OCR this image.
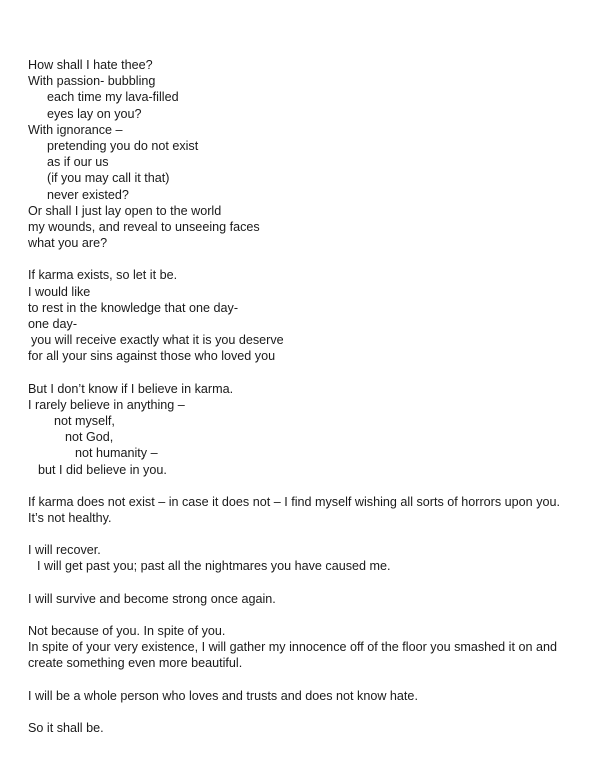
How shall I hate thee?
With passion- bubbling
each time my lava-filled
eyes lay on you?
With ignorance –
pretending you do not exist
as if our us
(if you may call it that)
never existed?
Or shall I just lay open to the world
my wounds, and reveal to unseeing faces
what you are?
If karma exists, so let it be.
I would like
to rest in the knowledge that one day-
one day-
you will receive exactly what it is you deserve
for all your sins against those who loved you
But I don’t know if I believe in karma.
I rarely believe in anything –
not myself,
not God,
not humanity –
but I did believe in you.
If karma does not exist – in case it does not – I find myself wishing all sorts of horrors upon you.
It’s not healthy.
I will recover.
I will get past you; past all the nightmares you have caused me.
I will survive and become strong once again.
Not because of you. In spite of you.
In spite of your very existence, I will gather my innocence off of the floor you smashed it on and create something even more beautiful.
I will be a whole person who loves and trusts and does not know hate.
So it shall be.
